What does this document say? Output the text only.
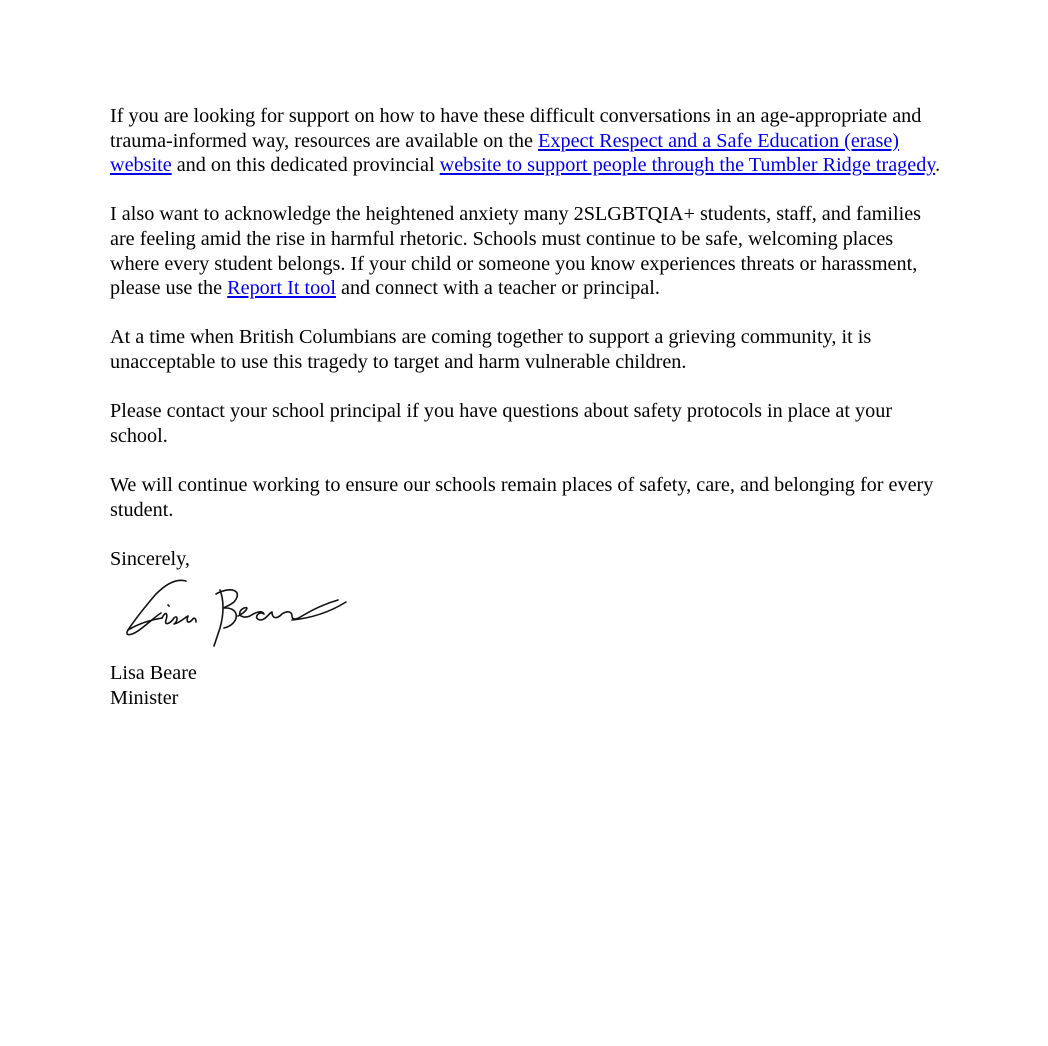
If you are looking for support on how to have these difficult conversations in an age-appropriate and trauma-informed way, resources are available on the Expect Respect and a Safe Education (erase) website and on this dedicated provincial website to support people through the Tumbler Ridge tragedy.

I also want to acknowledge the heightened anxiety many 2SLGBTQIA+ students, staff, and families are feeling amid the rise in harmful rhetoric. Schools must continue to be safe, welcoming places where every student belongs. If your child or someone you know experiences threats or harassment, please use the Report It tool and connect with a teacher or principal.

At a time when British Columbians are coming together to support a grieving community, it is unacceptable to use this tragedy to target and harm vulnerable children.

Please contact your school principal if you have questions about safety protocols in place at your school.

We will continue working to ensure our schools remain places of safety, care, and belonging for every student.

Sincerely,

Lisa Beare

Minister
